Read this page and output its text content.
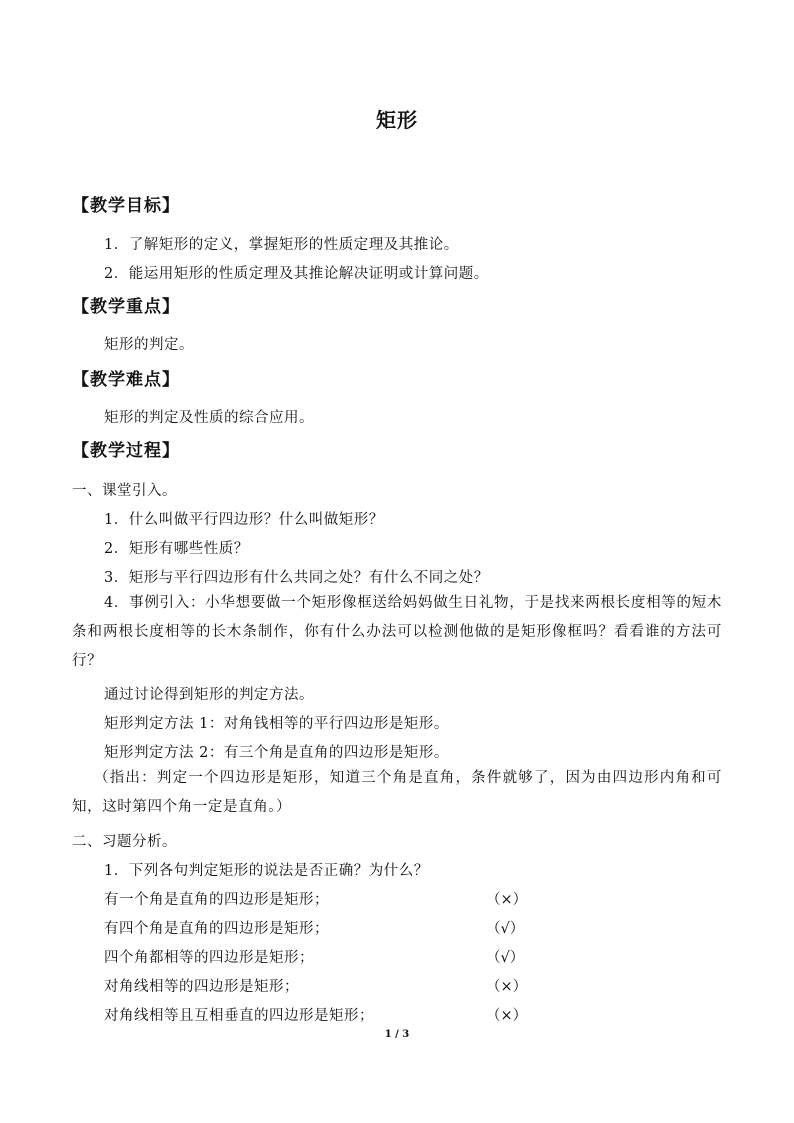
矩形
【教学目标】
1．了解矩形的定义，掌握矩形的性质定理及其推论。
2．能运用矩形的性质定理及其推论解决证明或计算问题。
【教学重点】
矩形的判定。
【教学难点】
矩形的判定及性质的综合应用。
【教学过程】
一、课堂引入。
1．什么叫做平行四边形？什么叫做矩形？
2．矩形有哪些性质？
3．矩形与平行四边形有什么共同之处？有什么不同之处？
4．事例引入：小华想要做一个矩形像框送给妈妈做生日礼物，于是找来两根长度相等的短木条和两根长度相等的长木条制作，你有什么办法可以检测他做的是矩形像框吗？看看谁的方法可行？
通过讨论得到矩形的判定方法。
矩形判定方法 1：对角钱相等的平行四边形是矩形。
矩形判定方法 2：有三个角是直角的四边形是矩形。
（指出：判定一个四边形是矩形，知道三个角是直角，条件就够了，因为由四边形内角和可知，这时第四个角一定是直角。）
二、习题分析。
1．下列各句判定矩形的说法是否正确？为什么？
有一个角是直角的四边形是矩形；	（×）
有四个角是直角的四边形是矩形；	（√）
四个角都相等的四边形是矩形；	（√）
对角线相等的四边形是矩形；	（×）
对角线相等且互相垂直的四边形是矩形；	（×）
1 / 3
